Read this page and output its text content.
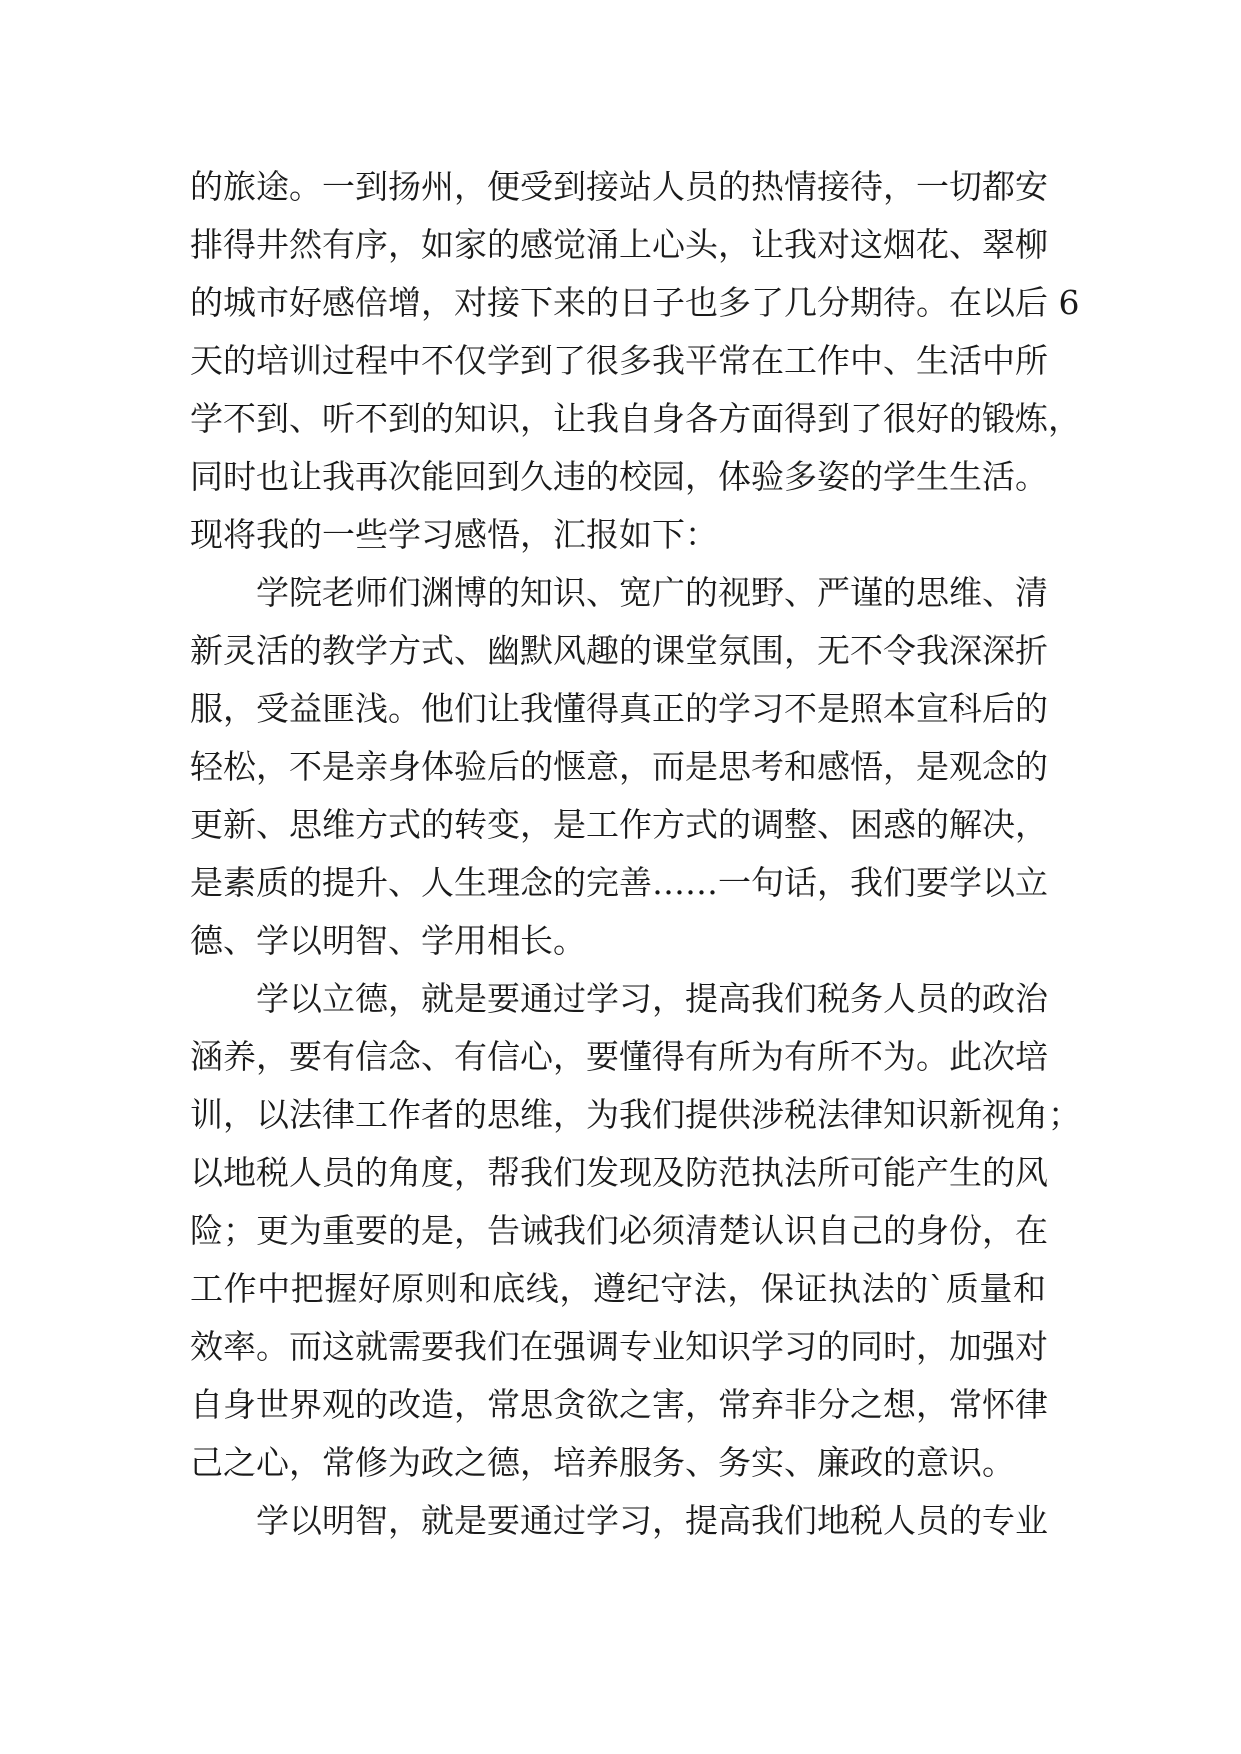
的旅途。一到扬州，便受到接站人员的热情接待，一切都安
排得井然有序，如家的感觉涌上心头，让我对这烟花、翠柳
的城市好感倍增，对接下来的日子也多了几分期待。在以后 6
天的培训过程中不仅学到了很多我平常在工作中、生活中所
学不到、听不到的知识，让我自身各方面得到了很好的锻炼，
同时也让我再次能回到久违的校园，体验多姿的学生生活。
现将我的一些学习感悟，汇报如下：
学院老师们渊博的知识、宽广的视野、严谨的思维、清
新灵活的教学方式、幽默风趣的课堂氛围，无不令我深深折
服，受益匪浅。他们让我懂得真正的学习不是照本宣科后的
轻松，不是亲身体验后的惬意，而是思考和感悟，是观念的
更新、思维方式的转变，是工作方式的调整、困惑的解决，
是素质的提升、人生理念的完善……一句话，我们要学以立
德、学以明智、学用相长。
学以立德，就是要通过学习，提高我们税务人员的政治
涵养，要有信念、有信心，要懂得有所为有所不为。此次培
训，以法律工作者的思维，为我们提供涉税法律知识新视角；
以地税人员的角度，帮我们发现及防范执法所可能产生的风
险；更为重要的是，告诫我们必须清楚认识自己的身份，在
工作中把握好原则和底线，遵纪守法，保证执法的`质量和
效率。而这就需要我们在强调专业知识学习的同时，加强对
自身世界观的改造，常思贪欲之害，常弃非分之想，常怀律
己之心，常修为政之德，培养服务、务实、廉政的意识。
学以明智，就是要通过学习，提高我们地税人员的专业
